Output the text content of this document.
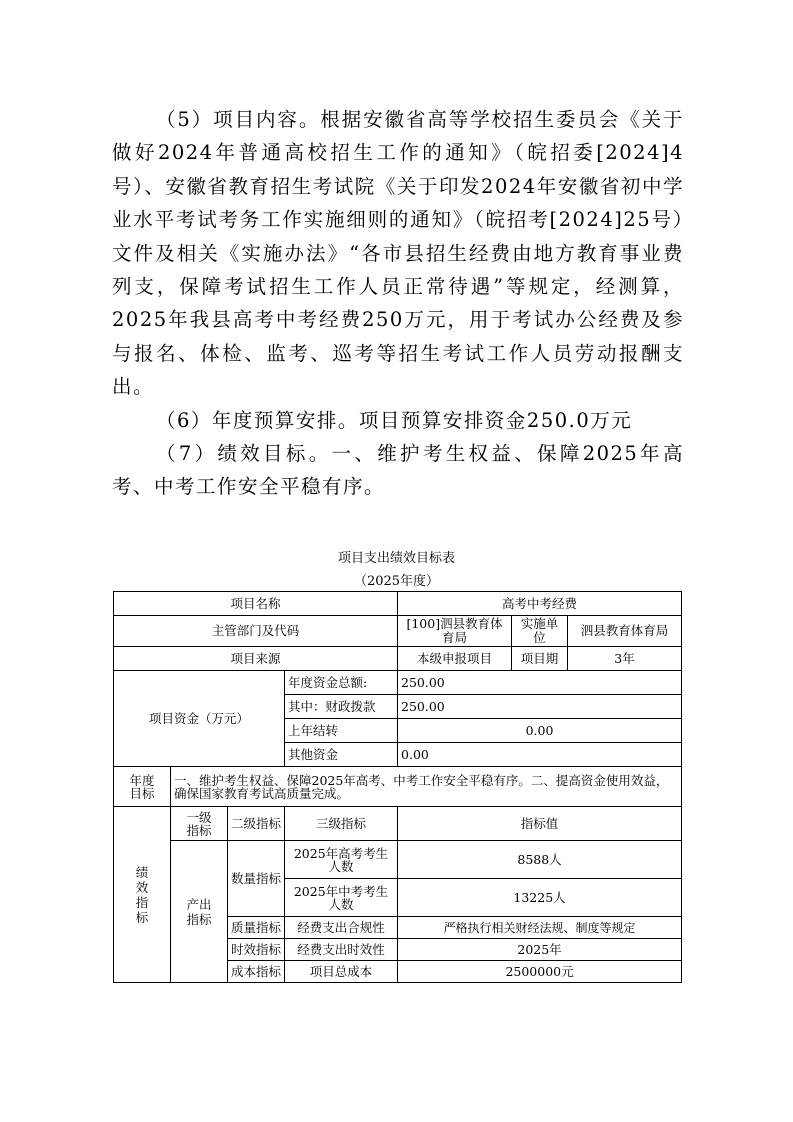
（5）项目内容。根据安徽省高等学校招生委员会《关于做好2024年普通高校招生工作的通知》（皖招委[2024]4号）、安徽省教育招生考试院《关于印发2024年安徽省初中学业水平考试考务工作实施细则的通知》（皖招考[2024]25号）文件及相关《实施办法》“各市县招生经费由地方教育事业费列支，保障考试招生工作人员正常待遇”等规定，经测算，2025年我县高考中考经费250万元，用于考试办公经费及参与报名、体检、监考、巡考等招生考试工作人员劳动报酬支出。

（6）年度预算安排。项目预算安排资金250.0万元

（7）绩效目标。一、维护考生权益、保障2025年高考、中考工作安全平稳有序。

项目支出绩效目标表
（2025年度）
项目名称				高考中考经费		
主管部门及代码				[100]泗县教育体育局	实施单位	泗县教育体育局
项目来源				本级申报项目	项目期	3年

项目资金（万元）			年度资金总额:	250.00		
			其中：财政拨款	250.00		
			上年结转	0.00		
			其他资金	0.00		

年度目标	一、维护考生权益、保障2025年高考、中考工作安全平稳有序。二、提高资金使用效益，确保国家教育考试高质量完成。					

绩效指标	一级指标	二级指标	三级指标	指标值		

	产出指标	数量指标	2025年高考考生人数	8588人		
			2025年中考考生人数	13225人		
		质量指标	经费支出合规性	严格执行相关财经法规、制度等规定		
		时效指标	经费支出时效性	2025年		
		成本指标	项目总成本	2500000元		
